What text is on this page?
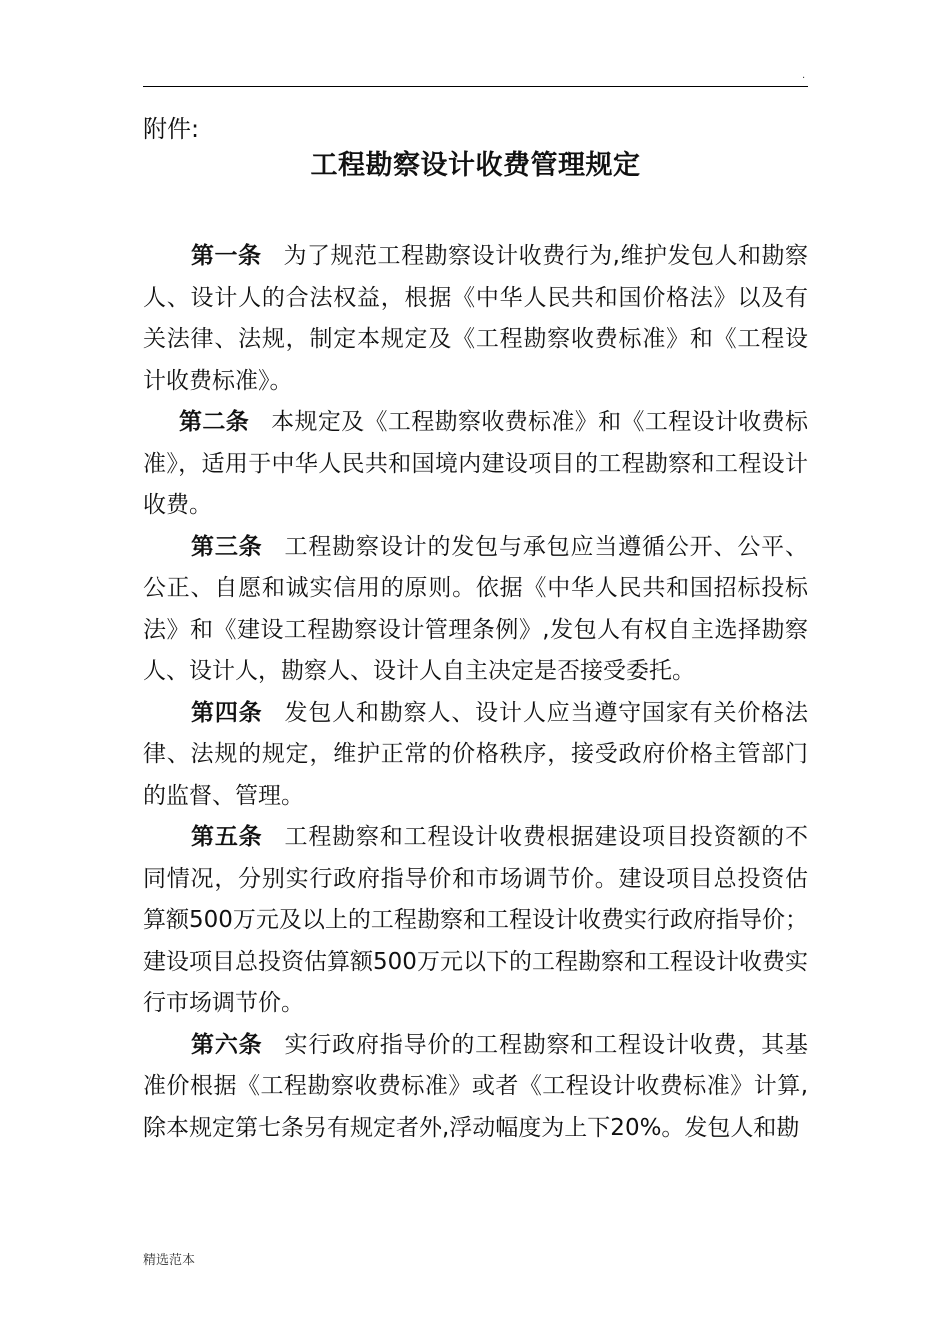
.
附件:
工程勘察设计收费管理规定

第一条 为了规范工程勘察设计收费行为,维护发包人和勘察人、设计人的合法权益，根据《中华人民共和国价格法》以及有关法律、法规，制定本规定及《工程勘察收费标准》和《工程设计收费标准》。

第二条 本规定及《工程勘察收费标准》和《工程设计收费标准》，适用于中华人民共和国境内建设项目的工程勘察和工程设计收费。

第三条 工程勘察设计的发包与承包应当遵循公开、公平、公正、自愿和诚实信用的原则。依据《中华人民共和国招标投标法》和《建设工程勘察设计管理条例》,发包人有权自主选择勘察人、设计人，勘察人、设计人自主决定是否接受委托。

第四条 发包人和勘察人、设计人应当遵守国家有关价格法律、法规的规定，维护正常的价格秩序，接受政府价格主管部门的监督、管理。

第五条 工程勘察和工程设计收费根据建设项目投资额的不同情况，分别实行政府指导价和市场调节价。建设项目总投资估算额500万元及以上的工程勘察和工程设计收费实行政府指导价；建设项目总投资估算额500万元以下的工程勘察和工程设计收费实行市场调节价。

第六条 实行政府指导价的工程勘察和工程设计收费，其基准价根据《工程勘察收费标准》或者《工程设计收费标准》计算,除本规定第七条另有规定者外,浮动幅度为上下20%。发包人和勘

精选范本
